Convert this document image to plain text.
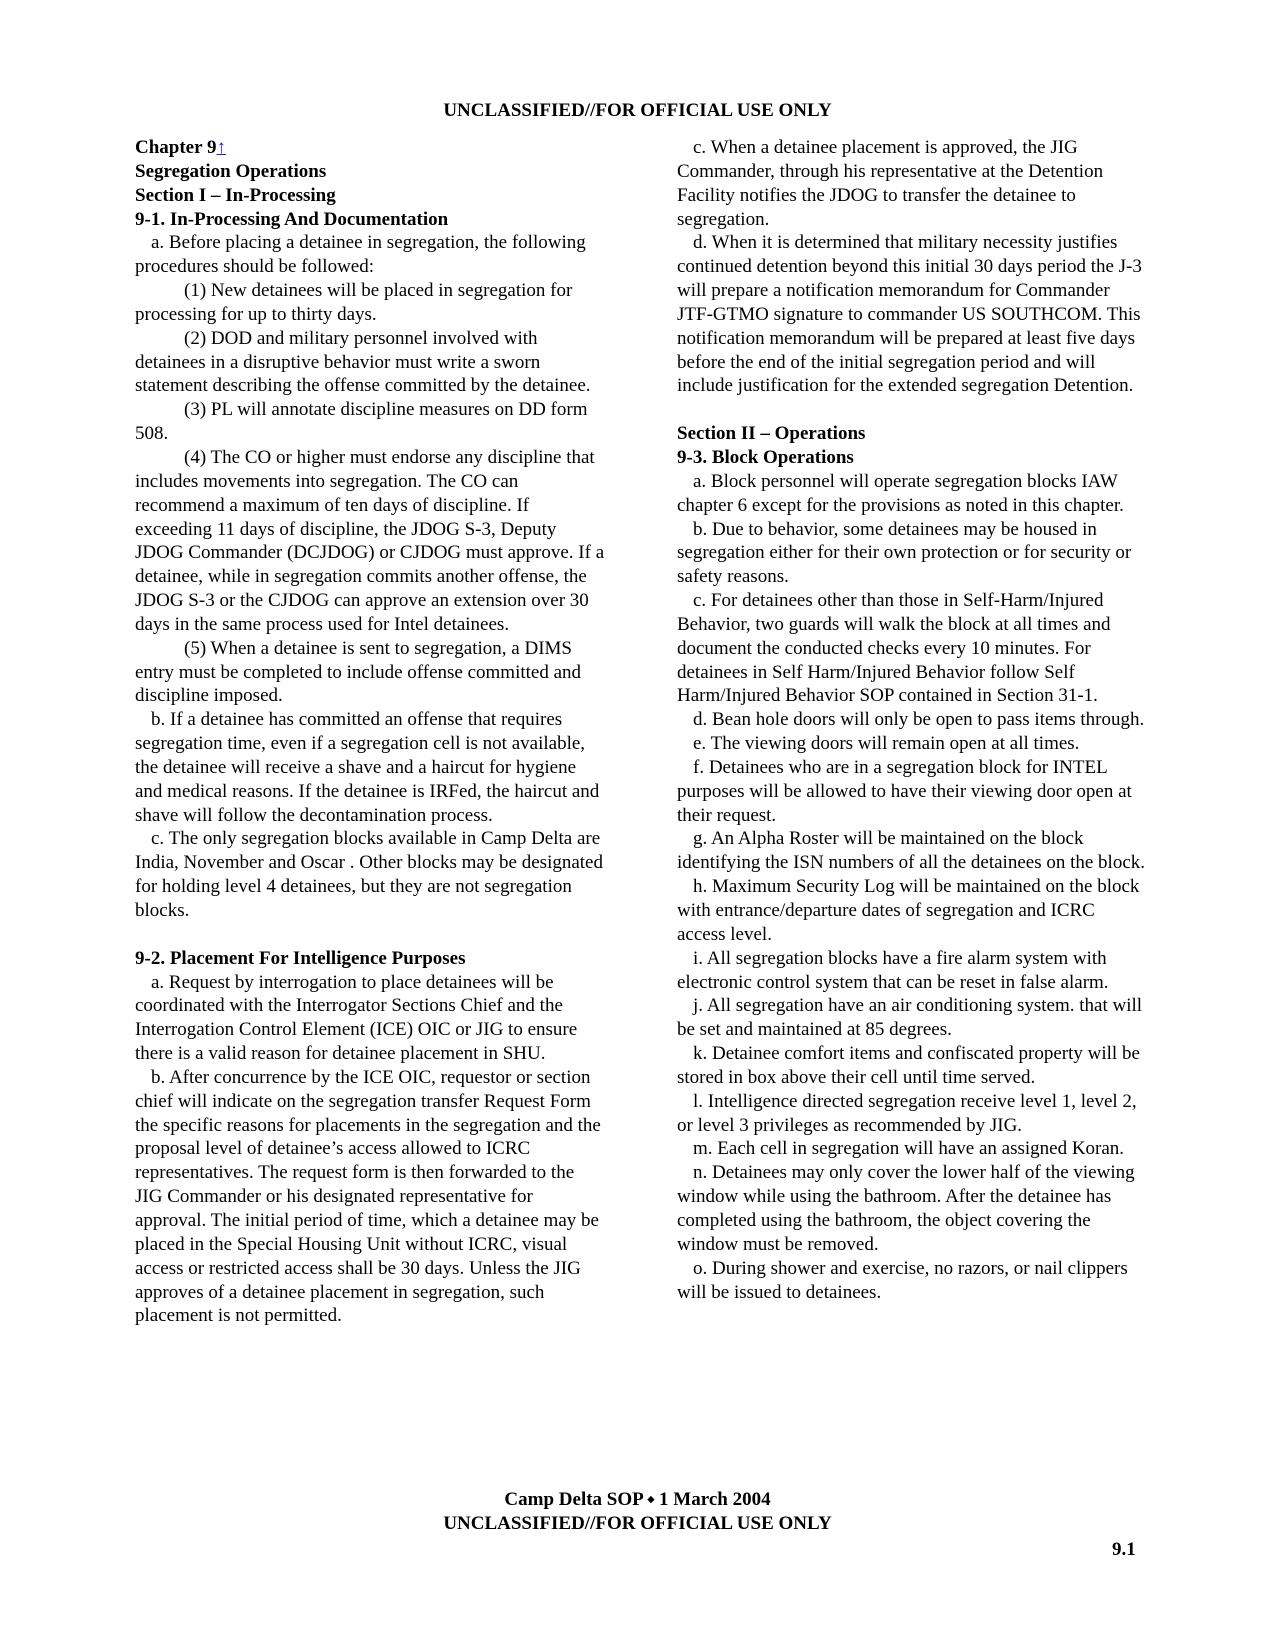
UNCLASSIFIED//FOR OFFICIAL USE ONLY

Chapter 9↑

Segregation Operations

Section I – In-Processing

9-1. In-Processing And Documentation

a. Before placing a detainee in segregation, the following procedures should be followed:

(1) New detainees will be placed in segregation for processing for up to thirty days.

(2) DOD and military personnel involved with detainees in a disruptive behavior must write a sworn statement describing the offense committed by the detainee.

(3) PL will annotate discipline measures on DD form 508.

(4) The CO or higher must endorse any discipline that includes movements into segregation. The CO can recommend a maximum of ten days of discipline. If exceeding 11 days of discipline, the JDOG S-3, Deputy JDOG Commander (DCJDOG) or CJDOG must approve. If a detainee, while in segregation commits another offense, the JDOG S-3 or the CJDOG can approve an extension over 30 days in the same process used for Intel detainees.

(5) When a detainee is sent to segregation, a DIMS entry must be completed to include offense committed and discipline imposed.

b. If a detainee has committed an offense that requires segregation time, even if a segregation cell is not available, the detainee will receive a shave and a haircut for hygiene and medical reasons. If the detainee is IRFed, the haircut and shave will follow the decontamination process.

c. The only segregation blocks available in Camp Delta are India, November and Oscar . Other blocks may be designated for holding level 4 detainees, but they are not segregation blocks.

9-2. Placement For Intelligence Purposes

a. Request by interrogation to place detainees will be coordinated with the Interrogator Sections Chief and the Interrogation Control Element (ICE) OIC or JIG to ensure there is a valid reason for detainee placement in SHU.

b. After concurrence by the ICE OIC, requestor or section chief will indicate on the segregation transfer Request Form the specific reasons for placements in the segregation and the proposal level of detainee’s access allowed to ICRC representatives. The request form is then forwarded to the JIG Commander or his designated representative for approval. The initial period of time, which a detainee may be placed in the Special Housing Unit without ICRC, visual access or restricted access shall be 30 days. Unless the JIG approves of a detainee placement in segregation, such placement is not permitted.

c. When a detainee placement is approved, the JIG Commander, through his representative at the Detention Facility notifies the JDOG to transfer the detainee to segregation.

d. When it is determined that military necessity justifies continued detention beyond this initial 30 days period the J-3 will prepare a notification memorandum for Commander JTF-GTMO signature to commander US SOUTHCOM. This notification memorandum will be prepared at least five days before the end of the initial segregation period and will include justification for the extended segregation Detention.

Section II – Operations

9-3. Block Operations

a. Block personnel will operate segregation blocks IAW chapter 6 except for the provisions as noted in this chapter.

b. Due to behavior, some detainees may be housed in segregation either for their own protection or for security or safety reasons.

c. For detainees other than those in Self-Harm/Injured Behavior, two guards will walk the block at all times and document the conducted checks every 10 minutes. For detainees in Self Harm/Injured Behavior follow Self Harm/Injured Behavior SOP contained in Section 31-1.

d. Bean hole doors will only be open to pass items through.

e. The viewing doors will remain open at all times.

f. Detainees who are in a segregation block for INTEL purposes will be allowed to have their viewing door open at their request.

g. An Alpha Roster will be maintained on the block identifying the ISN numbers of all the detainees on the block.

h. Maximum Security Log will be maintained on the block with entrance/departure dates of segregation and ICRC access level.

i. All segregation blocks have a fire alarm system with electronic control system that can be reset in false alarm.

j. All segregation have an air conditioning system. that will be set and maintained at 85 degrees.

k. Detainee comfort items and confiscated property will be stored in box above their cell until time served.

l. Intelligence directed segregation receive level 1, level 2, or level 3 privileges as recommended by JIG.

m. Each cell in segregation will have an assigned Koran.

n. Detainees may only cover the lower half of the viewing window while using the bathroom. After the detainee has completed using the bathroom, the object covering the window must be removed.

o. During shower and exercise, no razors, or nail clippers will be issued to detainees.

Camp Delta SOP ⬩ 1 March 2004
UNCLASSIFIED//FOR OFFICIAL USE ONLY
9.1
